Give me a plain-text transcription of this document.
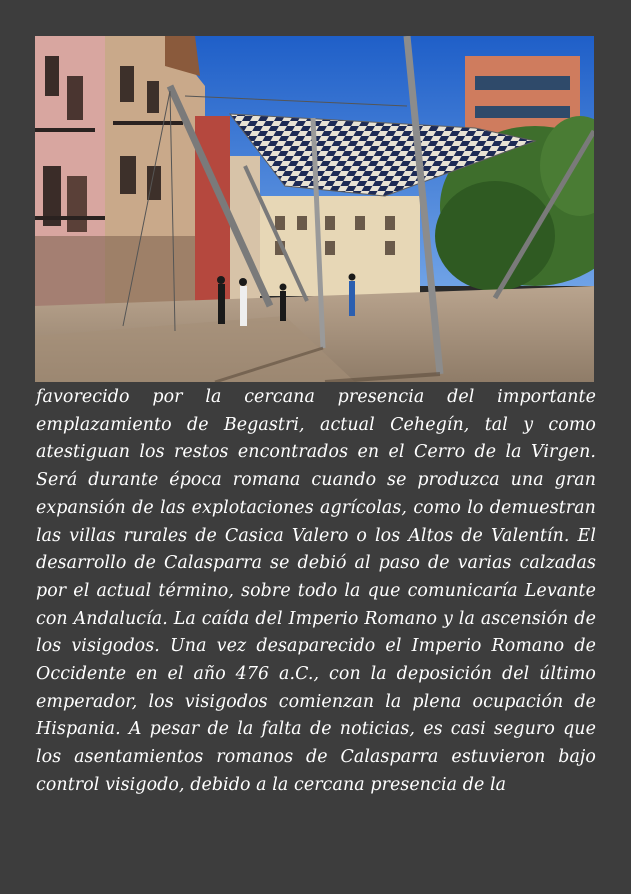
favorecido por la cercana presencia del importante emplazamiento de Begastri, actual Cehegín, tal y como atestiguan los restos encontrados en el Cerro de la Virgen. Será durante época romana cuando se produzca una gran expansión de las explotaciones agrícolas, como lo demuestran las villas rurales de Casica Valero o los Altos de Valentín. El desarrollo de Calasparra se debió al paso de varias calzadas por el actual término, sobre todo la que comunicaría Levante con Andalucía. La caída del Imperio Romano y la ascensión de los visigodos. Una vez desaparecido el Imperio Romano de Occidente en el año 476 a.C., con la deposición del último emperador, los visigodos comienzan la plena ocupación de Hispania. A pesar de la falta de noticias, es casi seguro que los asentamientos romanos de Calasparra estuvieron bajo control visigodo, debido a la cercana presencia de la
